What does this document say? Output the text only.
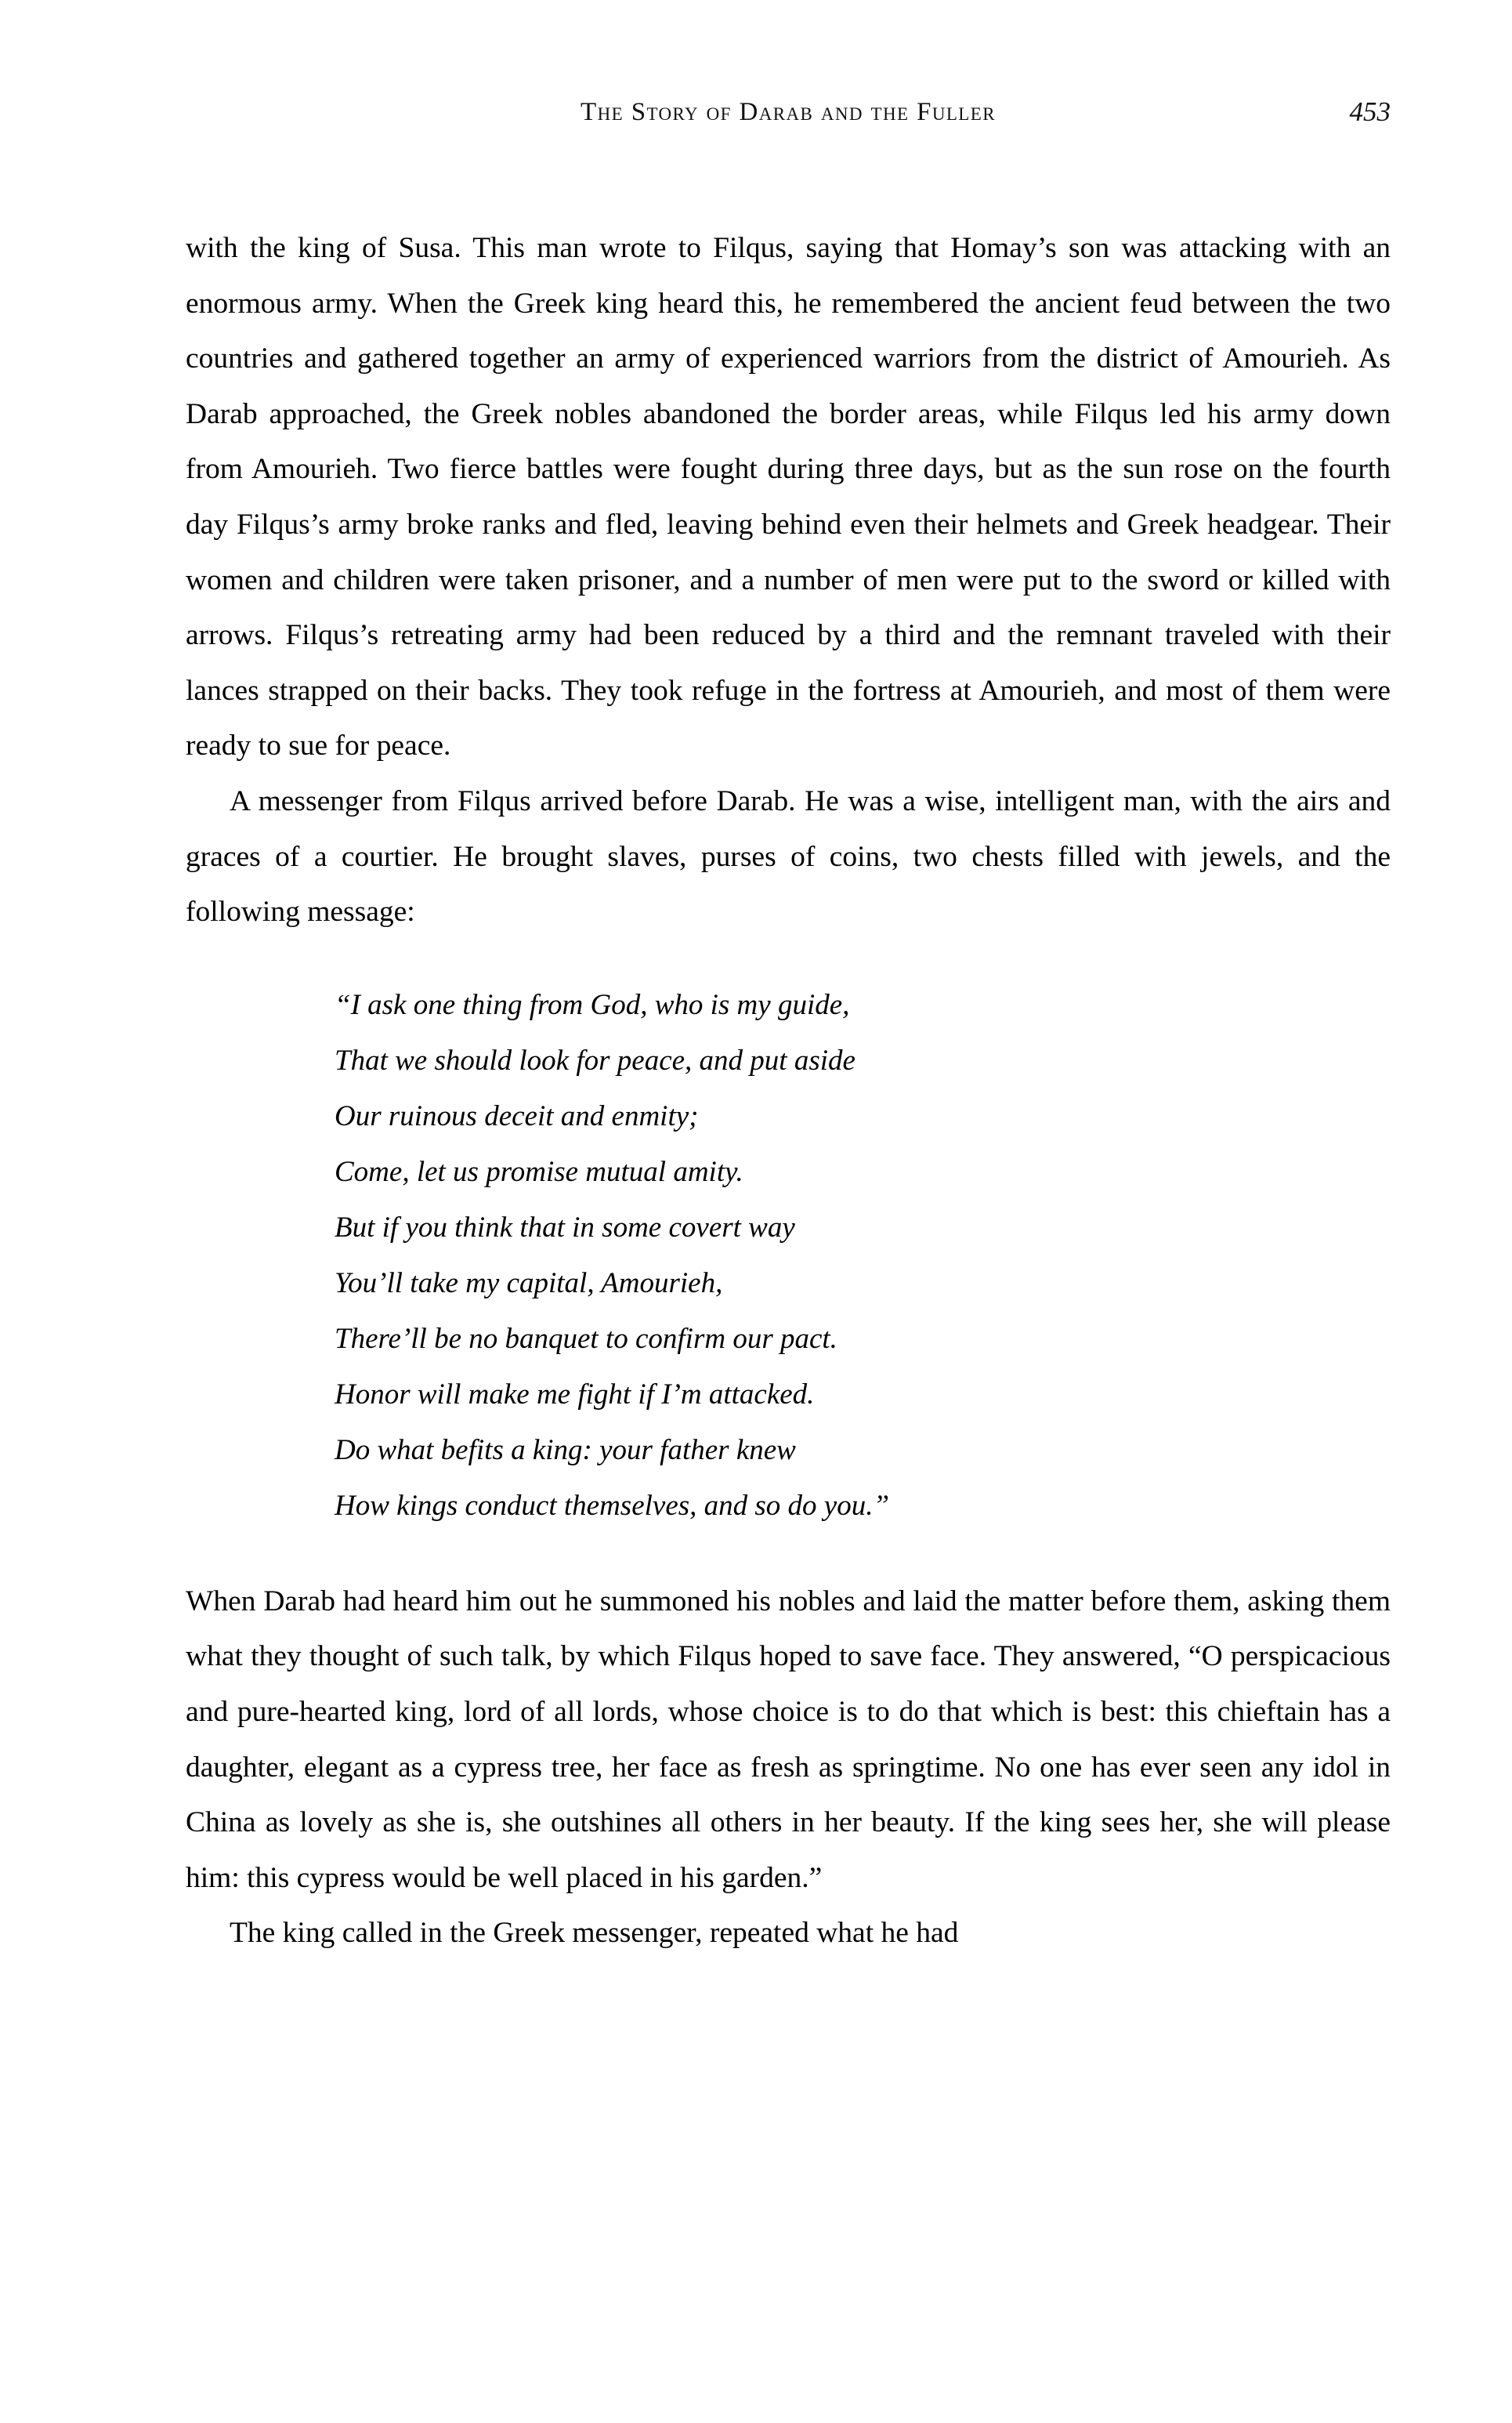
The Story of Darab and the Fuller	453

with the king of Susa. This man wrote to Filqus, saying that Homay’s son was attacking with an enormous army. When the Greek king heard this, he remembered the ancient feud between the two countries and gathered together an army of experienced warriors from the district of Amourieh. As Darab approached, the Greek nobles abandoned the border areas, while Filqus led his army down from Amourieh. Two fierce battles were fought during three days, but as the sun rose on the fourth day Filqus’s army broke ranks and fled, leaving behind even their helmets and Greek headgear. Their women and children were taken prisoner, and a number of men were put to the sword or killed with arrows. Filqus’s retreating army had been reduced by a third and the remnant traveled with their lances strapped on their backs. They took refuge in the fortress at Amourieh, and most of them were ready to sue for peace.

A messenger from Filqus arrived before Darab. He was a wise, intelligent man, with the airs and graces of a courtier. He brought slaves, purses of coins, two chests filled with jewels, and the following message:

“I ask one thing from God, who is my guide,
That we should look for peace, and put aside
Our ruinous deceit and enmity;
Come, let us promise mutual amity.
But if you think that in some covert way
You’ll take my capital, Amourieh,
There’ll be no banquet to confirm our pact.
Honor will make me fight if I’m attacked.
Do what befits a king: your father knew
How kings conduct themselves, and so do you.”

When Darab had heard him out he summoned his nobles and laid the matter before them, asking them what they thought of such talk, by which Filqus hoped to save face. They answered, “O perspicacious and pure-hearted king, lord of all lords, whose choice is to do that which is best: this chieftain has a daughter, elegant as a cypress tree, her face as fresh as springtime. No one has ever seen any idol in China as lovely as she is, she outshines all others in her beauty. If the king sees her, she will please him: this cypress would be well placed in his garden.”

The king called in the Greek messenger, repeated what he had
